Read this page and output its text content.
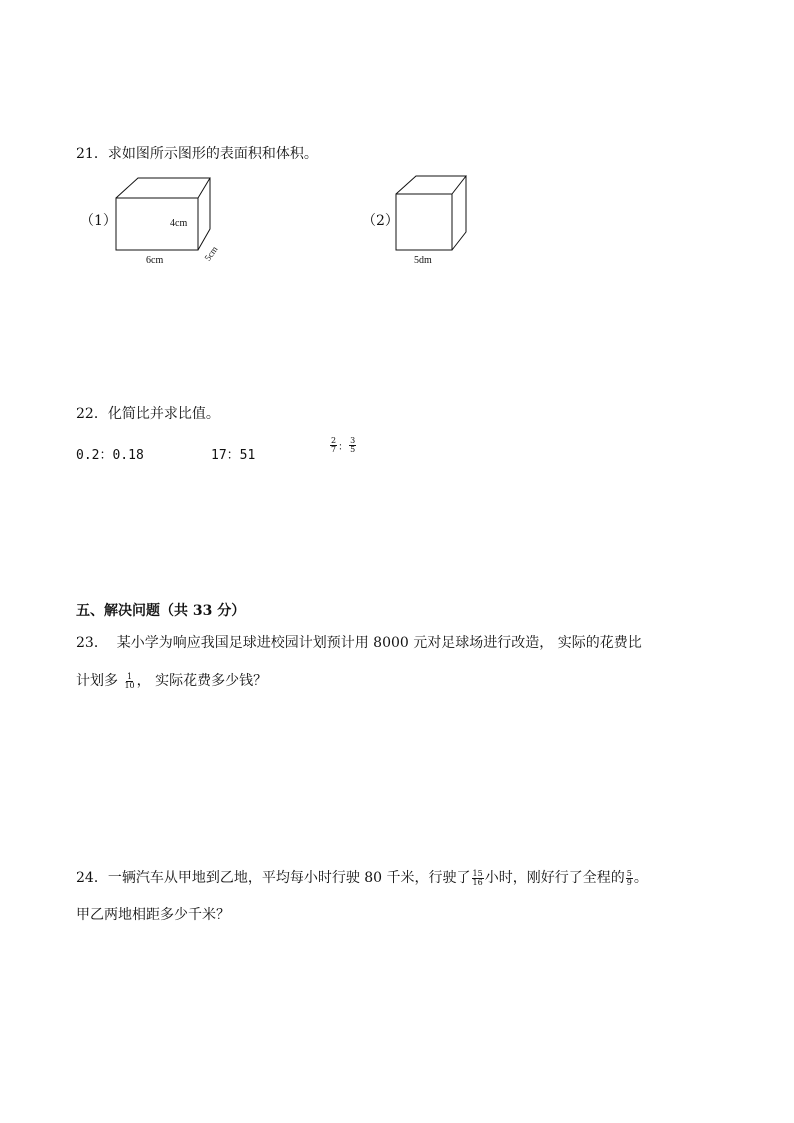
21．求如图所示图形的表面积和体积。
（1）	4cm
6cm	5cm
（2）
5dm
22．化简比并求比值。
0.2：0.18	17：51
$\frac{2}{7}$ ： $\frac{3}{5}$
五、解决问题（共 33 分）
23． 某小学为响应我国足球进校园计划预计用 8000 元对足球场进行改造， 实际的花费比
计划多 $\frac{1}{10}$ ， 实际花费多少钱？
24．一辆汽车从甲地到乙地，平均每小时行驶 80 千米，行驶了 $\frac{15}{16}$ 小时，刚好行了全程的 $\frac{5}{9}$ 。
甲乙两地相距多少千米？
